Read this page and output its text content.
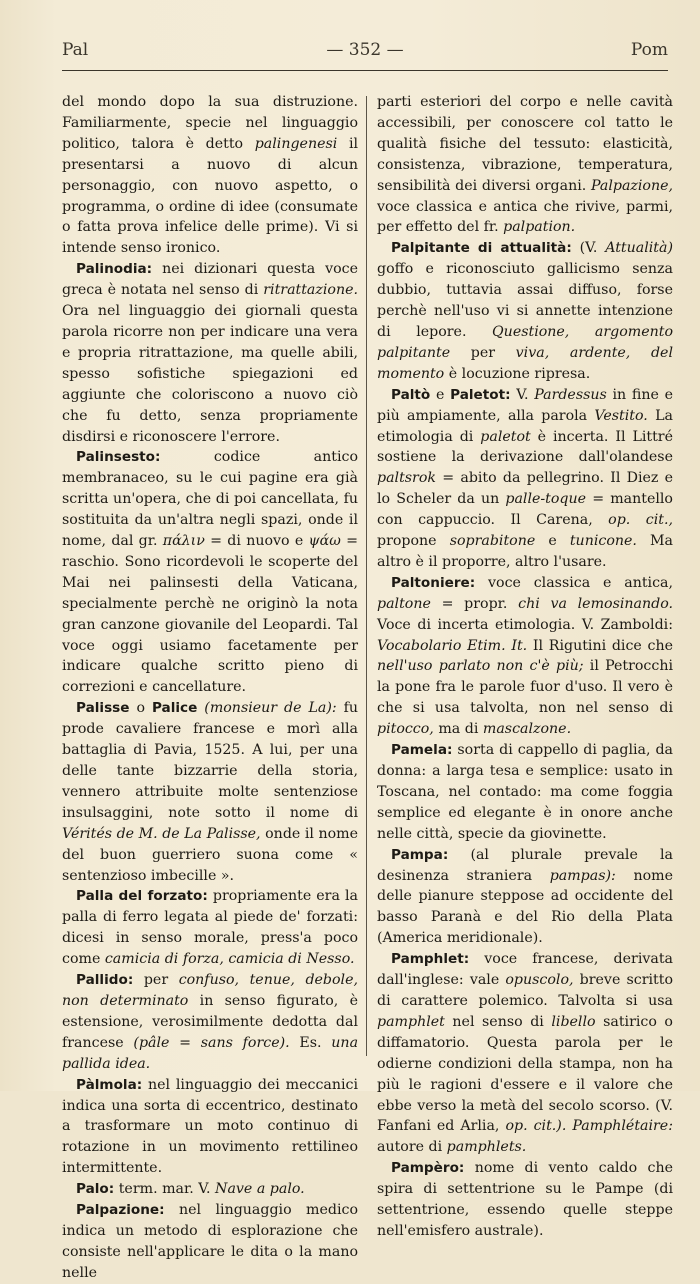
Pal	— 352 —	Pom

del mondo dopo la sua distruzione. Familiarmente, specie nel linguaggio politico, talora è detto palingenesi il presentarsi a nuovo di alcun personaggio, con nuovo aspetto, o programma, o ordine di idee (consumate o fatta prova infelice delle prime). Vi si intende senso ironico.

Palinodia: nei dizionari questa voce greca è notata nel senso di ritrattazione. Ora nel linguaggio dei giornali questa parola ricorre non per indicare una vera e propria ritrattazione, ma quelle abili, spesso sofistiche spiegazioni ed aggiunte che coloriscono a nuovo ciò che fu detto, senza propriamente disdirsi e riconoscere l'errore.

Palinsesto:	codice antico membranaceo, su le cui pagine era già scritta un'opera, che di poi cancellata, fu sostituita da un'altra negli spazi, onde il nome, dal gr. πάλιν = di nuovo e ψάω = raschio. Sono ricordevoli le scoperte del Mai nei palinsesti della Vaticana, specialmente perchè ne originò la nota gran canzone giovanile del Leopardi. Tal voce oggi usiamo facetamente per indicare qualche scritto pieno di correzioni e cancellature.

Palisse o Palice (monsieur de La): fu prode cavaliere francese e morì alla battaglia di Pavia, 1525. A lui, per una delle tante bizzarrie della storia, vennero attribuite molte sentenziose insulsaggini, note sotto il nome di Vérités de M. de La Palisse, onde il nome del buon guerriero suona come « sentenzioso imbecille ».

Palla del forzato: propriamente era la palla di ferro legata al piede de' forzati: dicesi in senso morale, press'a poco come camicia di forza, camicia di Nesso.

Pallido: per confuso, tenue, debole, non determinato in senso figurato, è estensione, verosimilmente dedotta dal francese (pâle = sans force). Es. una pallida idea.

Pàlmola: nel linguaggio dei meccanici indica una sorta di eccentrico, destinato a trasformare un moto continuo di rotazione in un movimento rettilineo intermittente.

Palo: term. mar. V. Nave a palo.

Palpazione: nel linguaggio medico indica un metodo di esplorazione che consiste nell'applicare le dita o la mano nelle

parti esteriori del corpo e nelle cavità accessibili, per conoscere col tatto le qualità fisiche del tessuto: elasticità, consistenza, vibrazione, temperatura, sensibilità dei diversi organi. Palpazione, voce classica e antica che rivive, parmi, per effetto del fr. palpation.

Palpitante di attualità: (V. Attualità) goffo e riconosciuto gallicismo senza dubbio, tuttavia assai diffuso, forse perchè nell'uso vi si annette intenzione di lepore. Questione, argomento palpitante per viva, ardente, del momento è locuzione ripresa.

Paltò e Paletot: V. Pardessus in fine e più ampiamente, alla parola Vestito. La etimologia di paletot è incerta. Il Littré sostiene la derivazione dall'olandese paltsrok = abito da pellegrino. Il Diez e lo Scheler da un palle-toque = mantello con cappuccio. Il Carena, op. cit., propone soprabitone e tunicone. Ma altro è il proporre, altro l'usare.

Paltoniere: voce classica e antica, paltone = propr. chi va lemosinando. Voce di incerta etimologia. V. Zamboldi: Vocabolario Etim. It. Il Rigutini dice che nell'uso parlato non c'è più; il Petrocchi la pone fra le parole fuor d'uso. Il vero è che si usa talvolta, non nel senso di pitocco, ma di mascalzone.

Pamela: sorta di cappello di paglia, da donna: a larga tesa e semplice: usato in Toscana, nel contado: ma come foggia semplice ed elegante è in onore anche nelle città, specie da giovinette.

Pampa: (al plurale prevale la desinenza straniera pampas): nome delle pianure steppose ad occidente del basso Paranà e del Rio della Plata (America meridionale).

Pamphlet: voce francese, derivata dall'inglese: vale opuscolo, breve scritto di carattere polemico. Talvolta si usa pamphlet nel senso di libello satirico o diffamatorio. Questa parola per le odierne condizioni della stampa, non ha più le ragioni d'essere e il valore che ebbe verso la metà del secolo scorso. (V. Fanfani ed Arlia, op. cit.). Pamphlétaire: autore di pamphlets.

Pampèro: nome di vento caldo che spira di settentrione su le Pampe (di settentrione, essendo quelle steppe nell'emisfero australe).
